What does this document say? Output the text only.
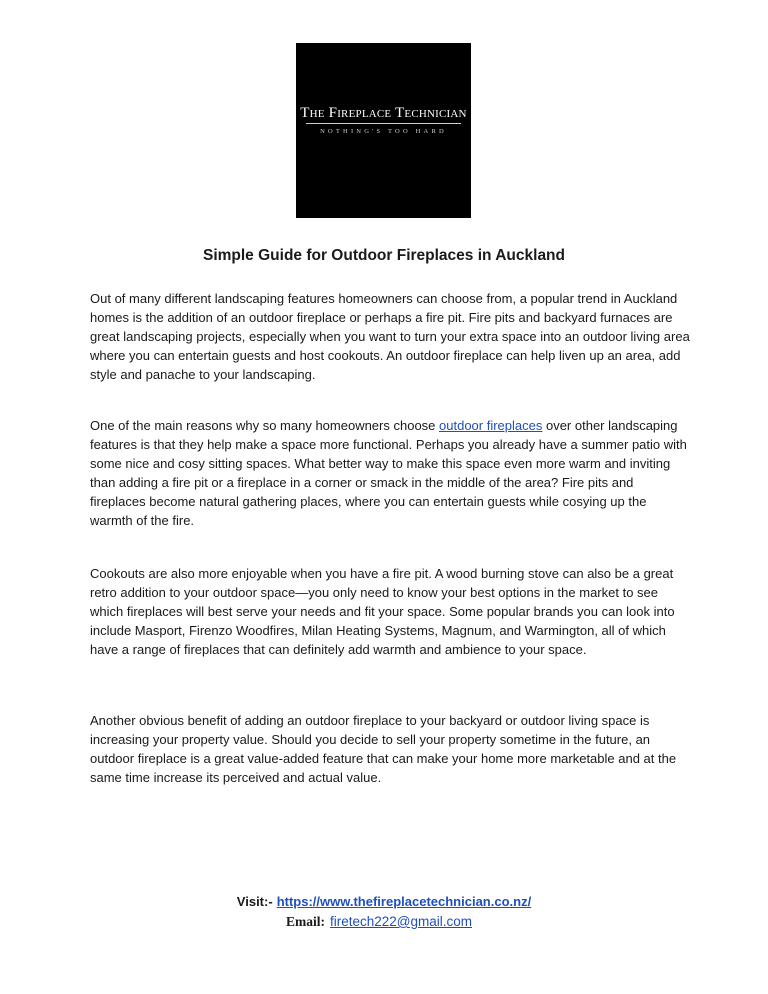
The Fireplace Technician
NOTHING'S TOO HARD
Simple Guide for Outdoor Fireplaces in Auckland

Out of many different landscaping features homeowners can choose from, a popular trend in Auckland homes is the addition of an outdoor fireplace or perhaps a fire pit. Fire pits and backyard furnaces are great landscaping projects, especially when you want to turn your extra space into an outdoor living area where you can entertain guests and host cookouts. An outdoor fireplace can help liven up an area, add style and panache to your landscaping.

One of the main reasons why so many homeowners choose outdoor fireplaces over other landscaping features is that they help make a space more functional. Perhaps you already have a summer patio with some nice and cosy sitting spaces. What better way to make this space even more warm and inviting than adding a fire pit or a fireplace in a corner or smack in the middle of the area? Fire pits and fireplaces become natural gathering places, where you can entertain guests while cosying up the warmth of the fire.

Cookouts are also more enjoyable when you have a fire pit. A wood burning stove can also be a great retro addition to your outdoor space—you only need to know your best options in the market to see which fireplaces will best serve your needs and fit your space. Some popular brands you can look into include Masport, Firenzo Woodfires, Milan Heating Systems, Magnum, and Warmington, all of which have a range of fireplaces that can definitely add warmth and ambience to your space.

Another obvious benefit of adding an outdoor fireplace to your backyard or outdoor living space is increasing your property value. Should you decide to sell your property sometime in the future, an outdoor fireplace is a great value-added feature that can make your home more marketable and at the same time increase its perceived and actual value.

Visit:- https://www.thefireplacetechnician.co.nz/
Email: firetech222@gmail.com
